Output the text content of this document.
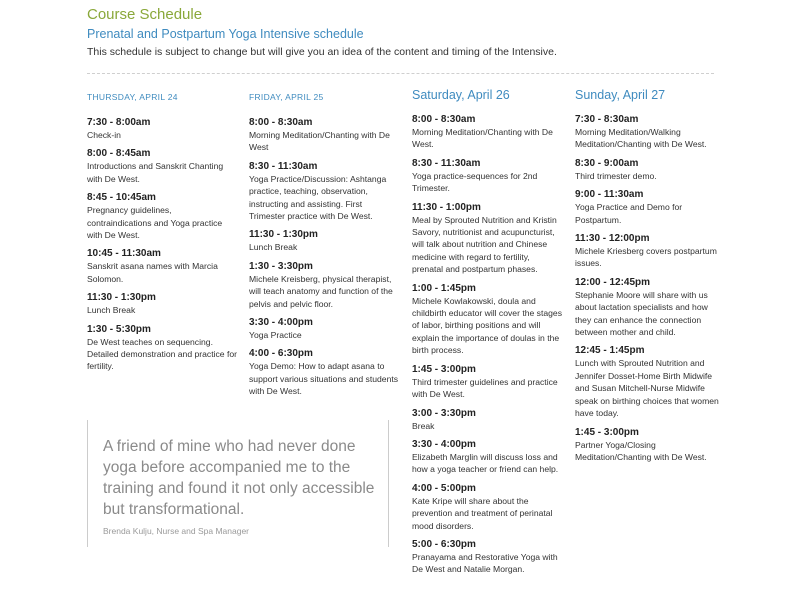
Course Schedule
Prenatal and Postpartum Yoga Intensive schedule
This schedule is subject to change but will give you an idea of the content and timing of the Intensive.
THURSDAY, APRIL 24
7:30 - 8:00am
Check-in
8:00 - 8:45am
Introductions and Sanskrit Chanting with De West.
8:45 - 10:45am
Pregnancy guidelines, contraindications and Yoga practice with De West.
10:45 - 11:30am
Sanskrit asana names with Marcia Solomon.
11:30 - 1:30pm
Lunch Break
1:30 - 5:30pm
De West teaches on sequencing. Detailed demonstration and practice for fertility.
FRIDAY, APRIL 25
8:00 - 8:30am
Morning Meditation/Chanting with De West
8:30 - 11:30am
Yoga Practice/Discussion: Ashtanga practice, teaching, observation, instructing and assisting. First Trimester practice with De West.
11:30 - 1:30pm
Lunch Break
1:30 - 3:30pm
Michele Kreisberg, physical therapist, will teach anatomy and function of the pelvis and pelvic floor.
3:30 - 4:00pm
Yoga Practice
4:00 - 6:30pm
Yoga Demo: How to adapt asana to support various situations and students with De West.
Saturday, April 26
8:00 - 8:30am
Morning Meditation/Chanting with De West.
8:30 - 11:30am
Yoga practice-sequences for 2nd Trimester.
11:30 - 1:00pm
Meal by Sprouted Nutrition and Kristin Savory, nutritionist and acupuncturist, will talk about nutrition and Chinese medicine with regard to fertility, prenatal and postpartum phases.
1:00 - 1:45pm
Michele Kowlakowski, doula and childbirth educator will cover the stages of labor, birthing positions and will explain the importance of doulas in the birth process.
1:45 - 3:00pm
Third trimester guidelines and practice with De West.
3:00 - 3:30pm
Break
3:30 - 4:00pm
Elizabeth Marglin will discuss loss and how a yoga teacher or friend can help.
4:00 - 5:00pm
Kate Kripe will share about the prevention and treatment of perinatal mood disorders.
5:00 - 6:30pm
Pranayama and Restorative Yoga with De West and Natalie Morgan.
Sunday, April 27
7:30 - 8:30am
Morning Meditation/Walking Meditation/Chanting with De West.
8:30 - 9:00am
Third trimester demo.
9:00 - 11:30am
Yoga Practice and Demo for Postpartum.
11:30 - 12:00pm
Michele Kriesberg covers postpartum issues.
12:00 - 12:45pm
Stephanie Moore will share with us about lactation specialists and how they can enhance the connection between mother and child.
12:45 - 1:45pm
Lunch with Sprouted Nutrition and Jennifer Dosset-Home Birth Midwife and Susan Mitchell-Nurse Midwife speak on birthing choices that women have today.
1:45 - 3:00pm
Partner Yoga/Closing Meditation/Chanting with De West.
A friend of mine who had never done yoga before accompanied me to the training and found it not only accessible but transformational.
Brenda Kulju, Nurse and Spa Manager
